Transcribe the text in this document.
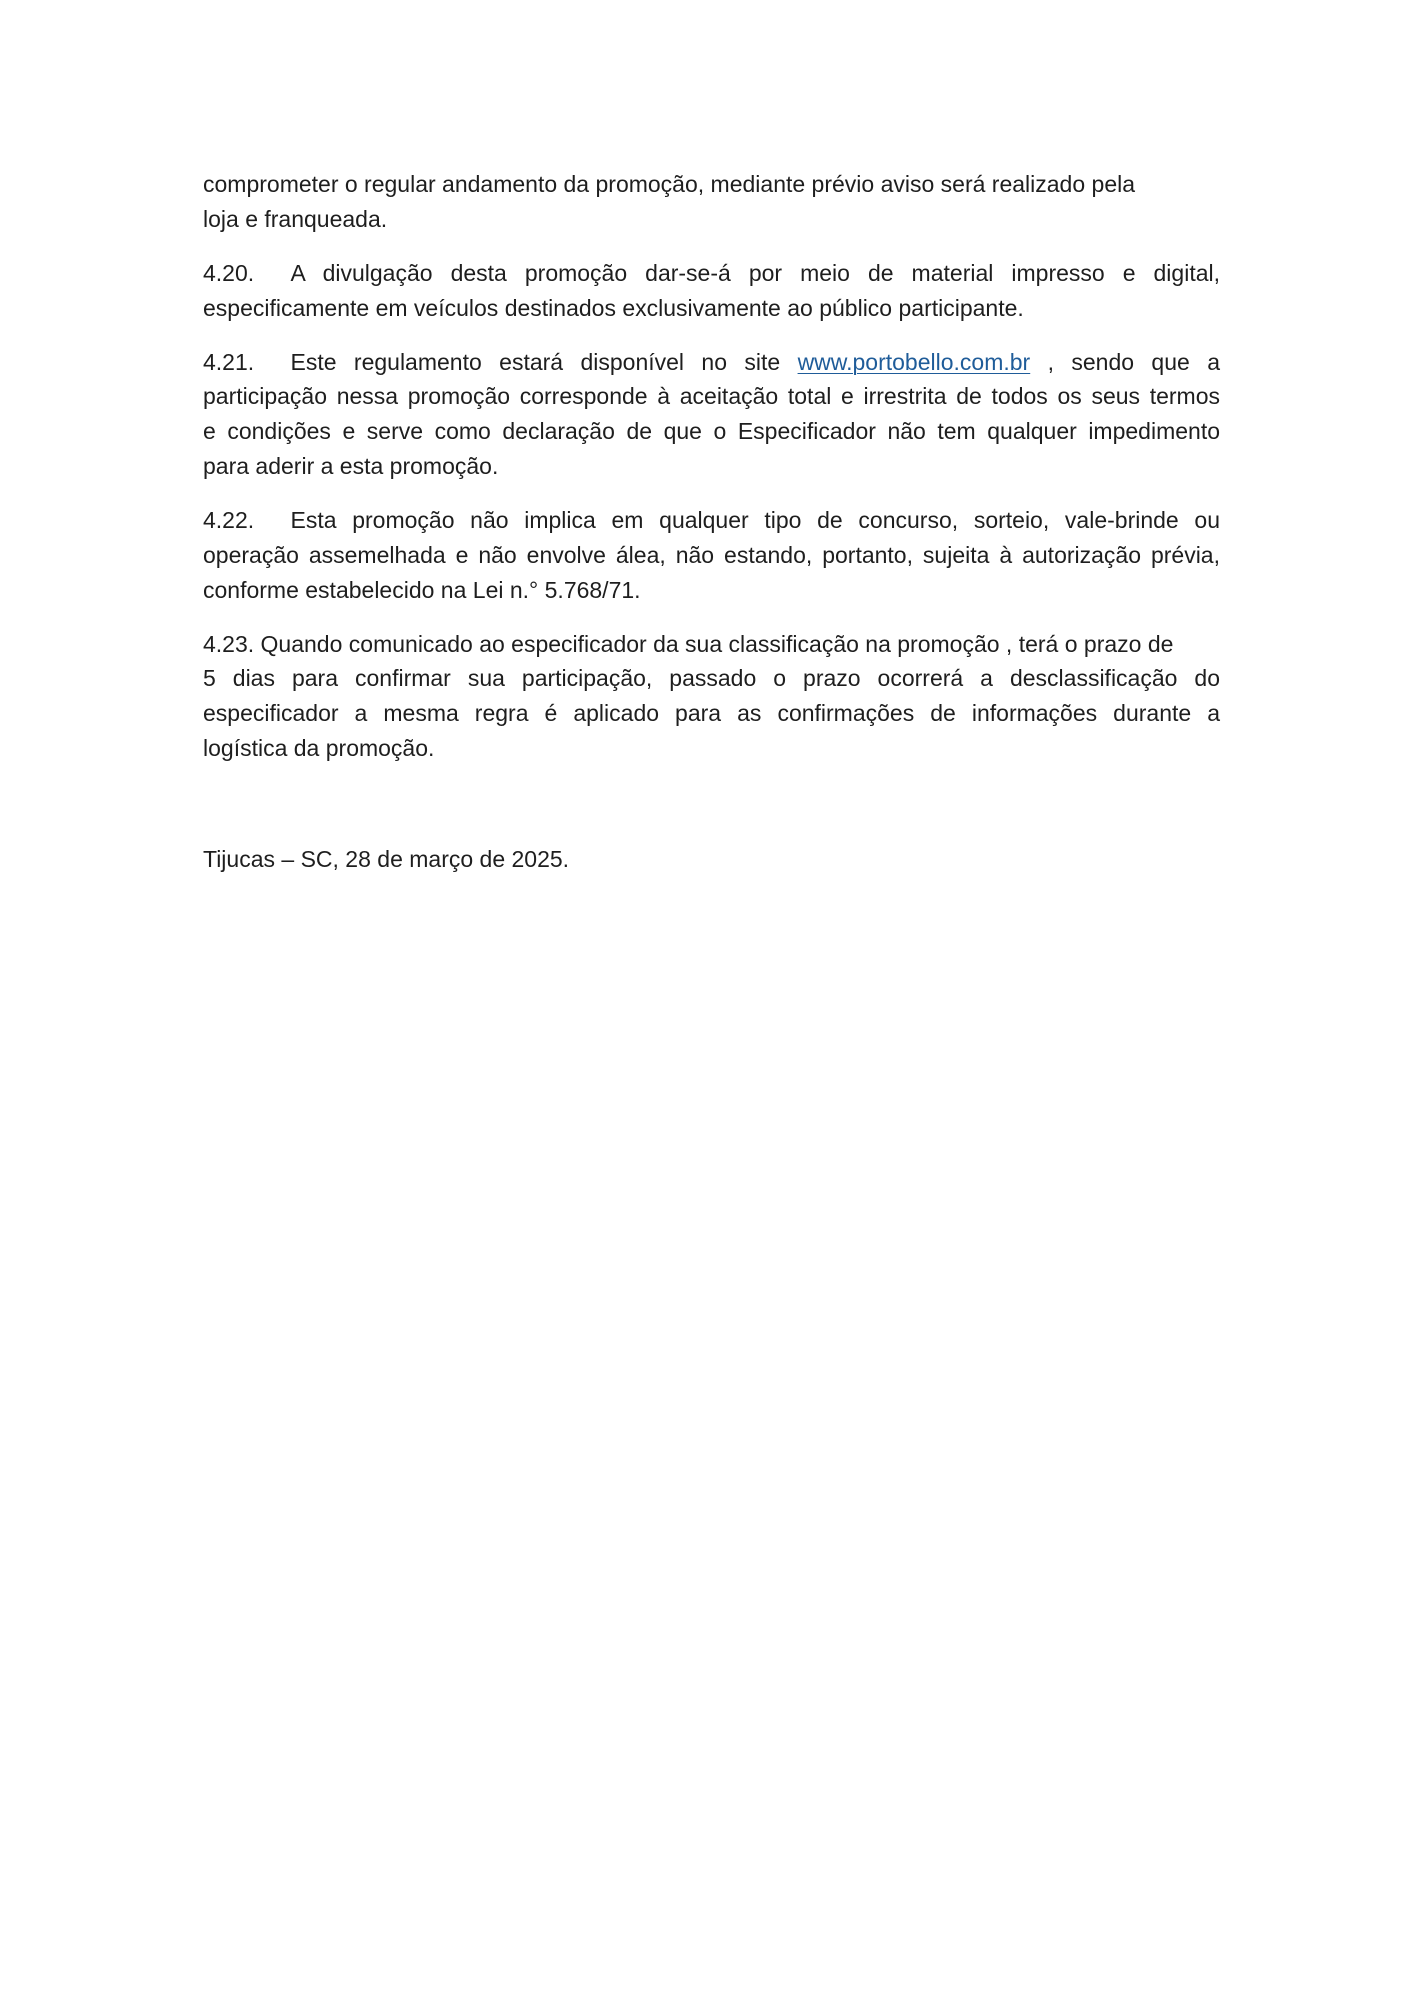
comprometer o regular andamento da promoção, mediante prévio aviso será realizado pela
loja e franqueada.
4.20. A divulgação desta promoção dar-se-á por meio de material impresso e digital,
especificamente em veículos destinados exclusivamente ao público participante.
4.21. Este regulamento estará disponível no site www.portobello.com.br , sendo que a
participação nessa promoção corresponde à aceitação total e irrestrita de todos os seus termos
e condições e serve como declaração de que o Especificador não tem qualquer impedimento
para aderir a esta promoção.
4.22. Esta promoção não implica em qualquer tipo de concurso, sorteio, vale-brinde ou
operação assemelhada e não envolve álea, não estando, portanto, sujeita à autorização prévia,
conforme estabelecido na Lei n.° 5.768/71.
4.23. Quando comunicado ao especificador da sua classificação na promoção , terá o prazo de
5 dias para confirmar sua participação, passado o prazo ocorrerá a desclassificação do
especificador a mesma regra é aplicado para as confirmações de informações durante a
logística da promoção.
Tijucas – SC, 28 de março de 2025.
